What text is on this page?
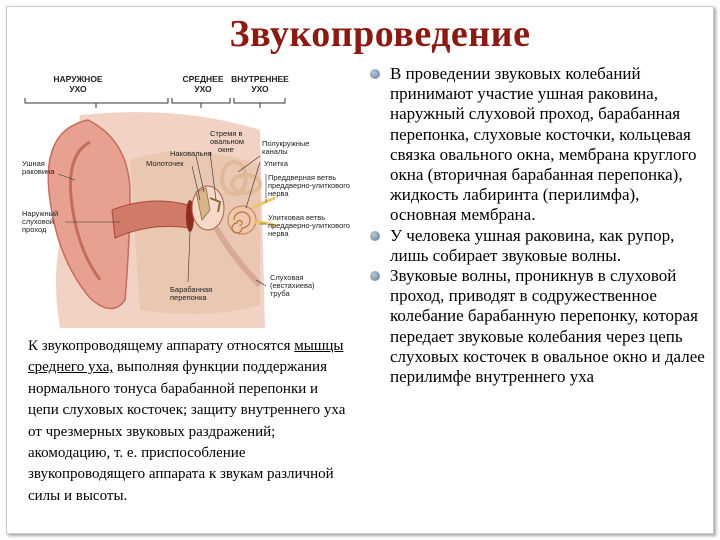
Звукопроведение
НАРУЖНОЕ
УХО
СРЕДНЕЕ
УХО
ВНУТРЕННЕЕ
УХО
Стремя в
овальном
окне
Наковальня
Молоточек
Полукружные
каналы
Улитка
Преддверная ветвь
преддверно-улиткового
нерва
Ушная
раковина
Наружный
слуховой
проход
Улитковая ветвь
преддверно-улиткового
нерва
Слуховая
(евстахиева)
труба
Барабанная
перепонка
К звукопроводящему аппарату относятся мышцы среднего уха, выполняя функции поддержания нормального тонуса барабанной перепонки и цепи слуховых косточек; защиту внутреннего уха от чрезмерных звуковых раздражений; акомодацию, т. е. приспособление звукопроводящего аппарата к звукам различной силы и высоты.
В проведении звуковых колебаний принимают участие ушная раковина, наружный слуховой проход, барабанная перепонка, слуховые косточки, кольцевая связка овального окна, мембрана круглого окна (вторичная барабанная перепонка), жидкость лабиринта (перилимфа), основная мембрана.
У человека ушная раковина, как рупор, лишь собирает звуковые волны.
Звуковые волны, проникнув в слуховой проход, приводят в содружественное колебание барабанную перепонку, которая передает звуковые колебания через цепь слуховых косточек в овальное окно и далее перилимфе внутреннего уха
